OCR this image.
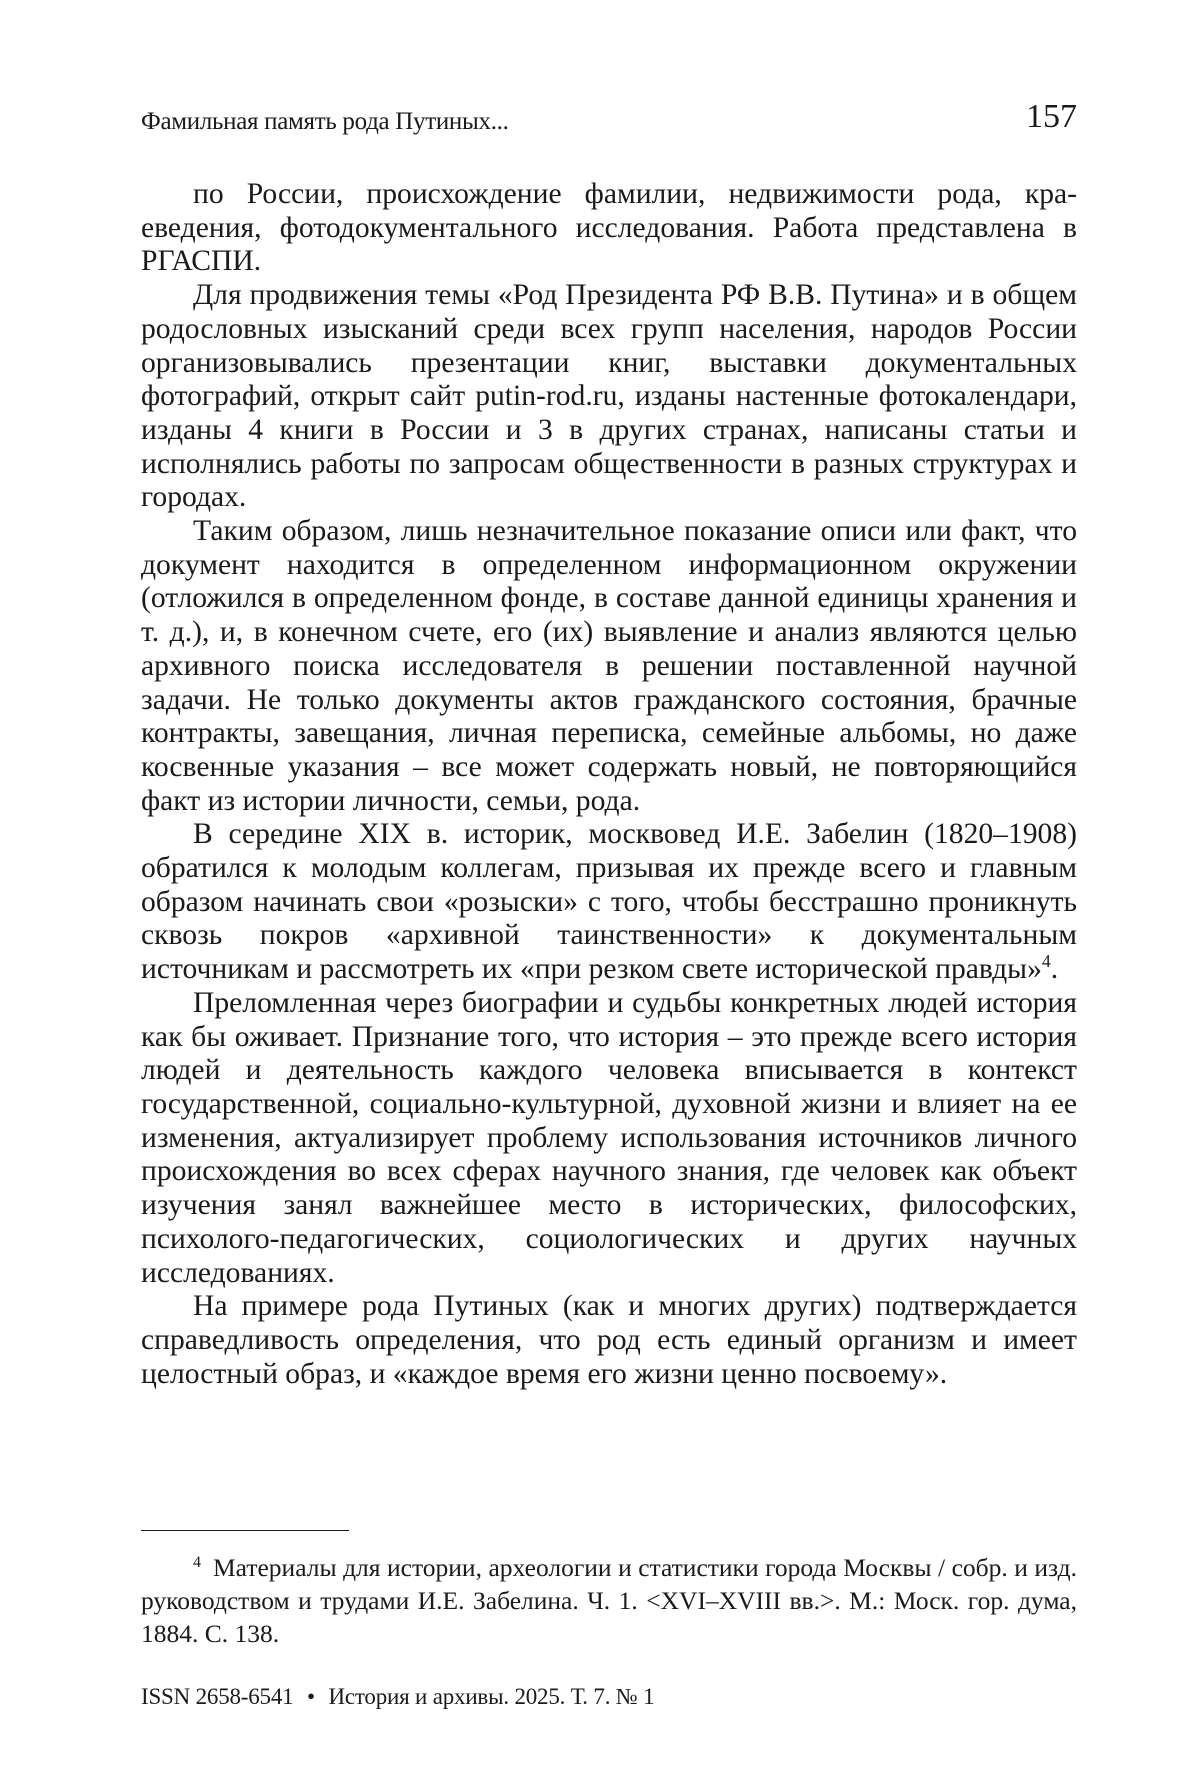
Фамильная память рода Путиных...	157

по России, происхождение фамилии, недвижимости рода, краеведения, фотодокументального исследования. Работа представлена в РГАСПИ.

Для продвижения темы «Род Президента РФ В.В. Путина» и в общем родословных изысканий среди всех групп населения, народов России организовывались презентации книг, выставки документальных фотографий, открыт сайт putin-rod.ru, изданы настенные фотокалендари, изданы 4 книги в России и 3 в других странах, написаны статьи и исполнялись работы по запросам общественности в разных структурах и городах.

Таким образом, лишь незначительное показание описи или факт, что документ находится в определенном информационном окружении (отложился в определенном фонде, в составе данной единицы хранения и т. д.), и, в конечном счете, его (их) выявление и анализ являются целью архивного поиска исследователя в решении поставленной научной задачи. Не только документы актов гражданского состояния, брачные контракты, завещания, личная переписка, семейные альбомы, но даже косвенные указания – все может содержать новый, не повторяющийся факт из истории личности, семьи, рода.

В середине XIX в. историк, москвовед И.Е. Забелин (1820–1908) обратился к молодым коллегам, призывая их прежде всего и главным образом начинать свои «розыски» с того, чтобы бесстрашно проникнуть сквозь покров «архивной таинственности» к документальным источникам и рассмотреть их «при резком свете исторической правды»$^4$.

Преломленная через биографии и судьбы конкретных людей история как бы оживает. Признание того, что история – это прежде всего история людей и деятельность каждого человека вписывается в контекст государственной, социально-культурной, духовной жизни и влияет на ее изменения, актуализирует проблему использования источников личного происхождения во всех сферах научного знания, где человек как объект изучения занял важнейшее место в исторических, философских, психолого-педагогических, социологических и других научных исследованиях.

На примере рода Путиных (как и многих других) подтверждается справедливость определения, что род есть единый организм и имеет целостный образ, и «каждое время его жизни ценно посвоему».

$^4$ Материалы для истории, археологии и статистики города Москвы / собр. и изд. руководством и трудами И.Е. Забелина. Ч. 1. <XVI–XVIII вв.>. М.: Моск. гор. дума, 1884. С. 138.
ISSN 2658-6541 • История и архивы. 2025. Т. 7. № 1
